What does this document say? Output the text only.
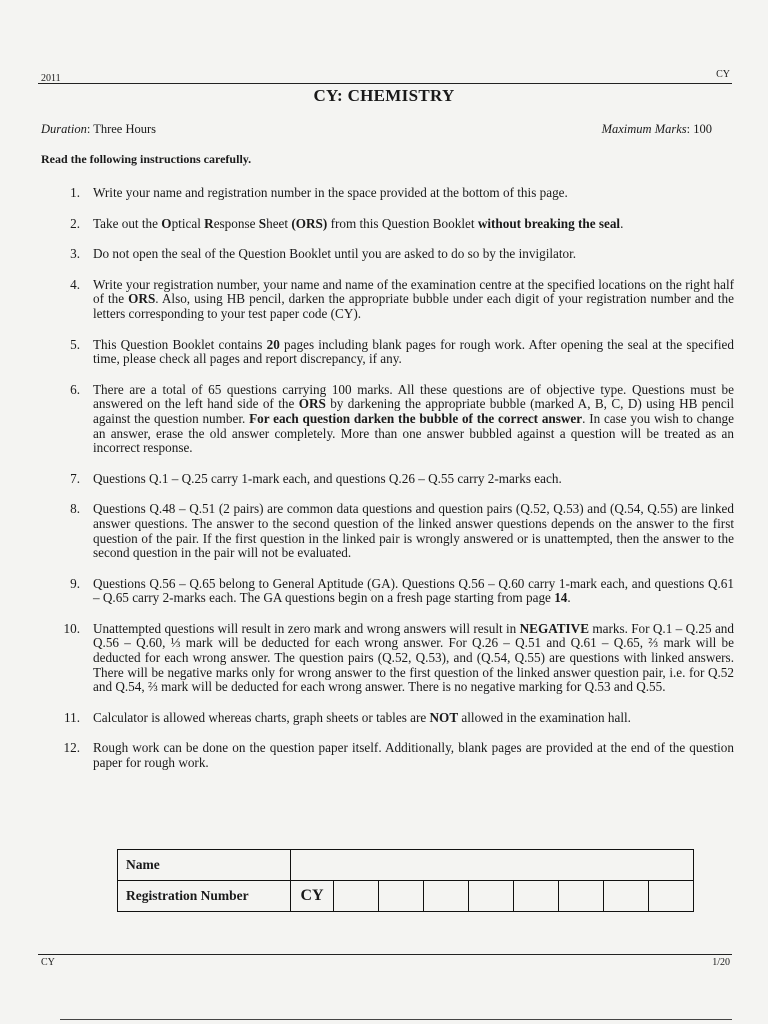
2011	CY
CY: CHEMISTRY
Duration: Three Hours	Maximum Marks: 100
Read the following instructions carefully.
1. Write your name and registration number in the space provided at the bottom of this page.
2. Take out the Optical Response Sheet (ORS) from this Question Booklet without breaking the seal.
3. Do not open the seal of the Question Booklet until you are asked to do so by the invigilator.
4. Write your registration number, your name and name of the examination centre at the specified locations on the right half of the ORS. Also, using HB pencil, darken the appropriate bubble under each digit of your registration number and the letters corresponding to your test paper code (CY).
5. This Question Booklet contains 20 pages including blank pages for rough work. After opening the seal at the specified time, please check all pages and report discrepancy, if any.
6. There are a total of 65 questions carrying 100 marks. All these questions are of objective type. Questions must be answered on the left hand side of the ORS by darkening the appropriate bubble (marked A, B, C, D) using HB pencil against the question number. For each question darken the bubble of the correct answer. In case you wish to change an answer, erase the old answer completely. More than one answer bubbled against a question will be treated as an incorrect response.
7. Questions Q.1 – Q.25 carry 1-mark each, and questions Q.26 – Q.55 carry 2-marks each.
8. Questions Q.48 – Q.51 (2 pairs) are common data questions and question pairs (Q.52, Q.53) and (Q.54, Q.55) are linked answer questions. The answer to the second question of the linked answer questions depends on the answer to the first question of the pair. If the first question in the linked pair is wrongly answered or is unattempted, then the answer to the second question in the pair will not be evaluated.
9. Questions Q.56 – Q.65 belong to General Aptitude (GA). Questions Q.56 – Q.60 carry 1-mark each, and questions Q.61 – Q.65 carry 2-marks each. The GA questions begin on a fresh page starting from page 14.
10. Unattempted questions will result in zero mark and wrong answers will result in NEGATIVE marks. For Q.1 – Q.25 and Q.56 – Q.60, ⅓ mark will be deducted for each wrong answer. For Q.26 – Q.51 and Q.61 – Q.65, ⅔ mark will be deducted for each wrong answer. The question pairs (Q.52, Q.53), and (Q.54, Q.55) are questions with linked answers. There will be negative marks only for wrong answer to the first question of the linked answer question pair, i.e. for Q.52 and Q.54, ⅔ mark will be deducted for each wrong answer. There is no negative marking for Q.53 and Q.55.
11. Calculator is allowed whereas charts, graph sheets or tables are NOT allowed in the examination hall.
12. Rough work can be done on the question paper itself. Additionally, blank pages are provided at the end of the question paper for rough work.
Name									
Registration Number	CY								
CY	1/20
